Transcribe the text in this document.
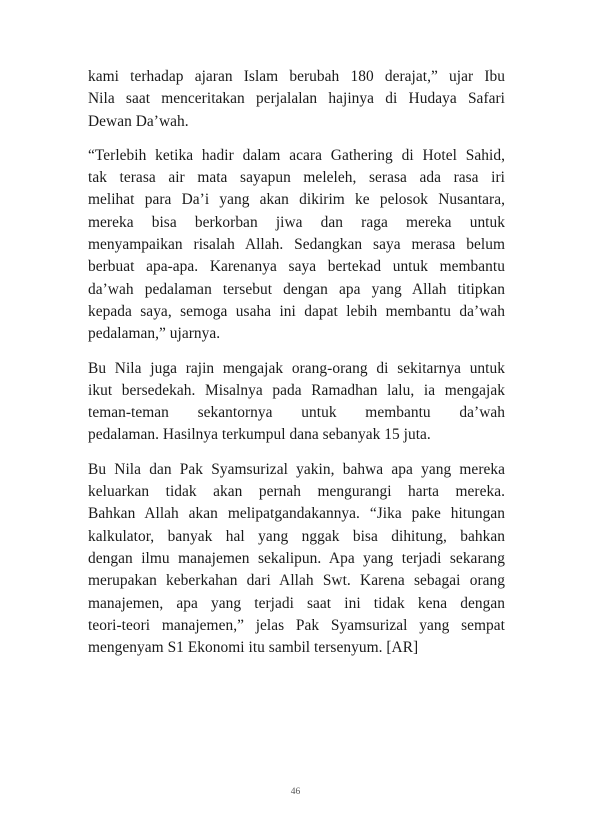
kami terhadap ajaran Islam berubah 180 derajat,” ujar Ibu
Nila saat menceritakan perjalalan hajinya di Hudaya Safari
Dewan Da’wah.

“Terlebih ketika hadir dalam acara Gathering di Hotel Sahid,
tak terasa air mata sayapun meleleh, serasa ada rasa iri
melihat para Da’i yang akan dikirim ke pelosok Nusantara,
mereka bisa berkorban jiwa dan raga mereka untuk
menyampaikan risalah Allah. Sedangkan saya merasa belum
berbuat apa-apa. Karenanya saya bertekad untuk membantu
da’wah pedalaman tersebut dengan apa yang Allah titipkan
kepada saya, semoga usaha ini dapat lebih membantu da’wah
pedalaman,” ujarnya.

Bu Nila juga rajin mengajak orang-orang di sekitarnya untuk
ikut bersedekah. Misalnya pada Ramadhan lalu, ia mengajak
teman-teman sekantornya untuk membantu da’wah
pedalaman. Hasilnya terkumpul dana sebanyak 15 juta.

Bu Nila dan Pak Syamsurizal yakin, bahwa apa yang mereka
keluarkan tidak akan pernah mengurangi harta mereka.
Bahkan Allah akan melipatgandakannya. “Jika pake hitungan
kalkulator, banyak hal yang nggak bisa dihitung, bahkan
dengan ilmu manajemen sekalipun. Apa yang terjadi sekarang
merupakan keberkahan dari Allah Swt. Karena sebagai orang
manajemen, apa yang terjadi saat ini tidak kena dengan
teori-teori manajemen,” jelas Pak Syamsurizal yang sempat
mengenyam S1 Ekonomi itu sambil tersenyum. [AR]

46
